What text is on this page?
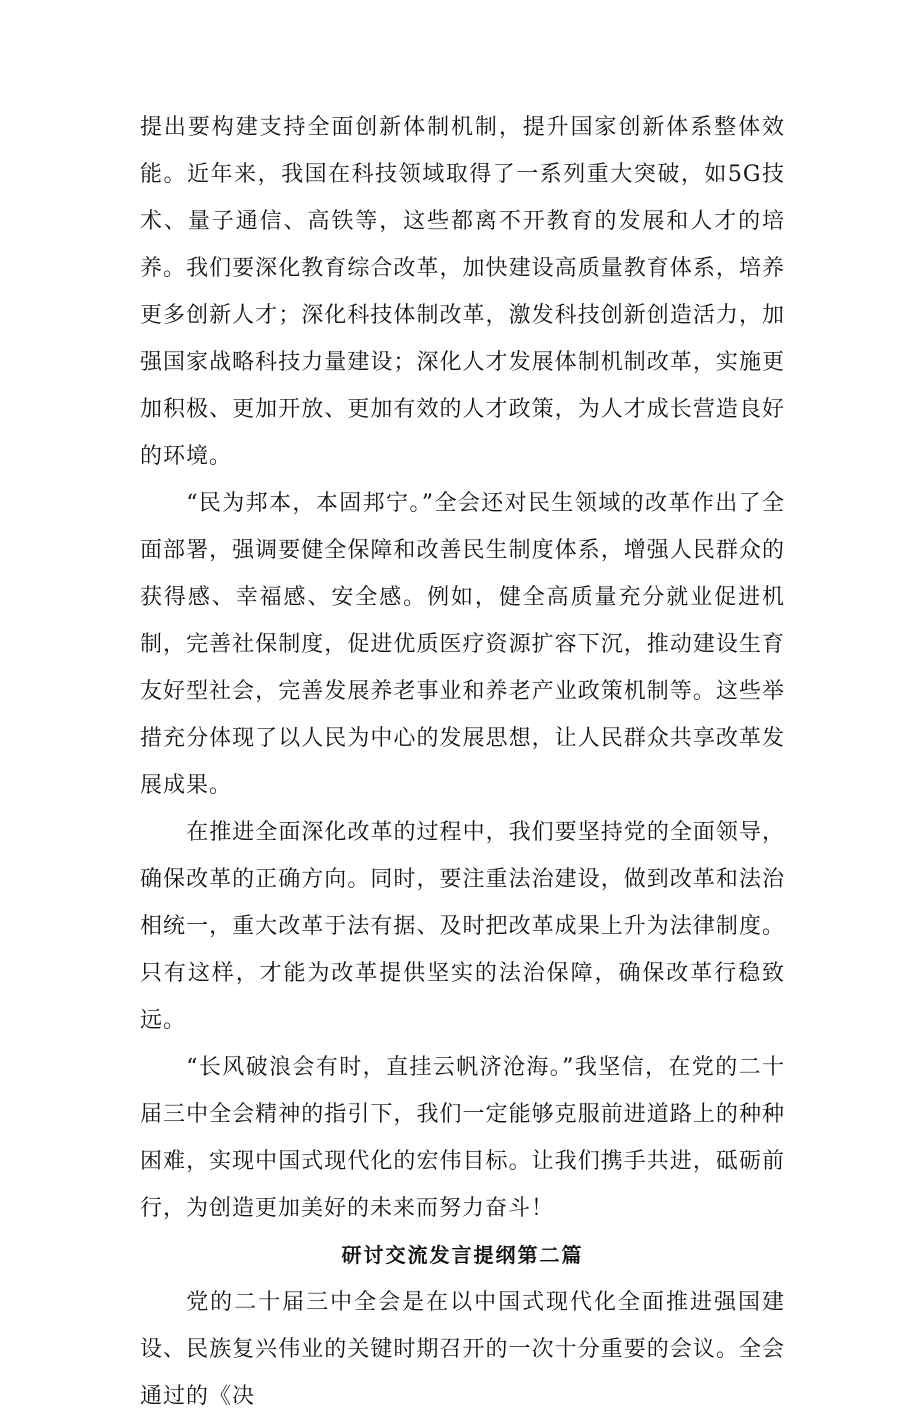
提出要构建支持全面创新体制机制，提升国家创新体系整体效能。近年来，我国在科技领域取得了一系列重大突破，如5G技术、量子通信、高铁等，这些都离不开教育的发展和人才的培养。我们要深化教育综合改革，加快建设高质量教育体系，培养更多创新人才；深化科技体制改革，激发科技创新创造活力，加强国家战略科技力量建设；深化人才发展体制机制改革，实施更加积极、更加开放、更加有效的人才政策，为人才成长营造良好的环境。

“民为邦本，本固邦宁。”全会还对民生领域的改革作出了全面部署，强调要健全保障和改善民生制度体系，增强人民群众的获得感、幸福感、安全感。例如，健全高质量充分就业促进机制，完善社保制度，促进优质医疗资源扩容下沉，推动建设生育友好型社会，完善发展养老事业和养老产业政策机制等。这些举措充分体现了以人民为中心的发展思想，让人民群众共享改革发展成果。

在推进全面深化改革的过程中，我们要坚持党的全面领导，确保改革的正确方向。同时，要注重法治建设，做到改革和法治相统一，重大改革于法有据、及时把改革成果上升为法律制度。只有这样，才能为改革提供坚实的法治保障，确保改革行稳致远。

“长风破浪会有时，直挂云帆济沧海。”我坚信，在党的二十届三中全会精神的指引下，我们一定能够克服前进道路上的种种困难，实现中国式现代化的宏伟目标。让我们携手共进，砥砺前行，为创造更加美好的未来而努力奋斗！

研讨交流发言提纲第二篇

党的二十届三中全会是在以中国式现代化全面推进强国建设、民族复兴伟业的关键时期召开的一次十分重要的会议。全会通过的《决
